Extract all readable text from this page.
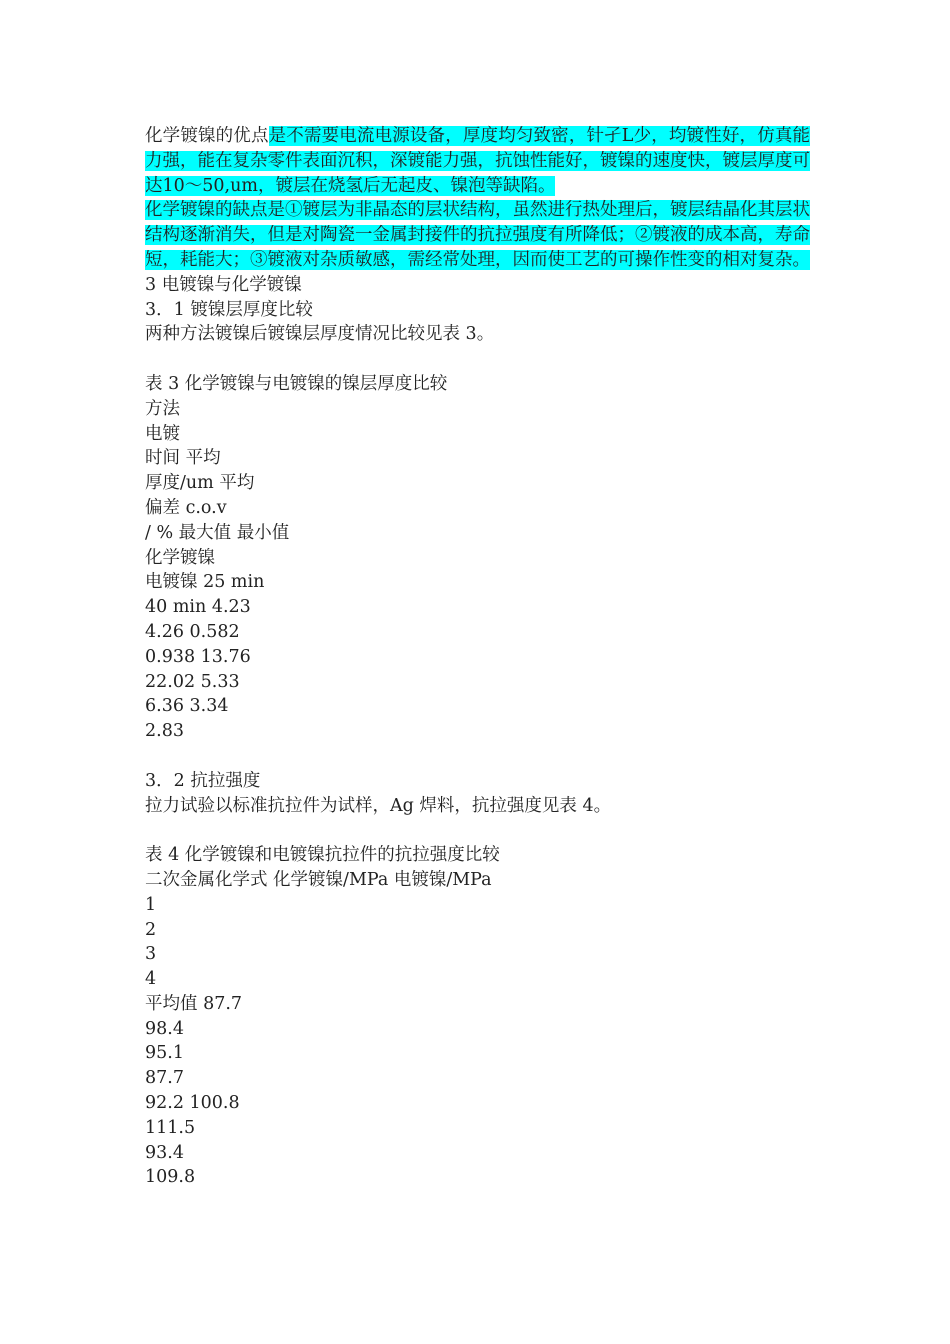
化学镀镍的优点是不需要电流电源设备，厚度均匀致密，针孑L少，均镀性好，仿真能力强，能在复杂零件表面沉积，深镀能力强，抗蚀性能好，镀镍的速度快，镀层厚度可达10～50,um，镀层在烧氢后无起皮、镍泡等缺陷。

化学镀镍的缺点是①镀层为非晶态的层状结构，虽然进行热处理后，镀层结晶化其层状结构逐渐消失，但是对陶瓷一金属封接件的抗拉强度有所降低；②镀液的成本高，寿命短，耗能大；③镀液对杂质敏感，需经常处理，因而使工艺的可操作性变的相对复杂。

3 电镀镍与化学镀镍

3．1 镀镍层厚度比较

两种方法镀镍后镀镍层厚度情况比较见表 3。

表 3 化学镀镍与电镀镍的镍层厚度比较

方法

电镀

时间 平均

厚度/um 平均

偏差 c.o.v

/ % 最大值 最小值

化学镀镍

电镀镍 25 min

40 min 4.23

4.26 0.582

0.938 13.76

22.02 5.33

6.36 3.34

2.83

3．2 抗拉强度

拉力试验以标准抗拉件为试样，Ag 焊料，抗拉强度见表 4。

表 4 化学镀镍和电镀镍抗拉件的抗拉强度比较

二次金属化学式 化学镀镍/MPa 电镀镍/MPa

1

2

3

4

平均值 87.7

98.4

95.1

87.7

92.2 100.8

111.5

93.4

109.8
